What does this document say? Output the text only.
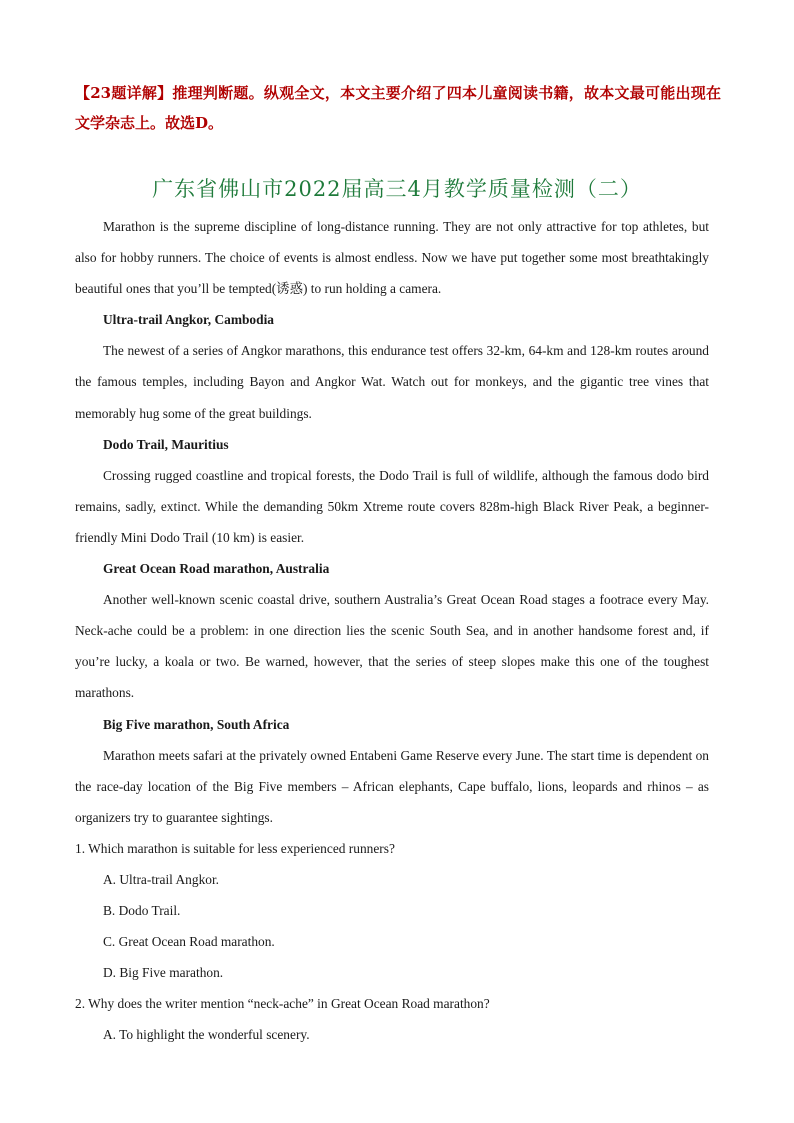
【23题详解】推理判断题。纵观全文，本文主要介绍了四本儿童阅读书籍，故本文最可能出现在文学杂志上。故选D。
广东省佛山市2022届高三4月教学质量检测（二）

Marathon is the supreme discipline of long-distance running. They are not only attractive for top athletes, but also for hobby runners. The choice of events is almost endless. Now we have put together some most breathtakingly beautiful ones that you’ll be tempted(诱惑) to run holding a camera.

Ultra-trail Angkor, Cambodia

The newest of a series of Angkor marathons, this endurance test offers 32-km, 64-km and 128-km routes around the famous temples, including Bayon and Angkor Wat. Watch out for monkeys, and the gigantic tree vines that memorably hug some of the great buildings.

Dodo Trail, Mauritius

Crossing rugged coastline and tropical forests, the Dodo Trail is full of wildlife, although the famous dodo bird remains, sadly, extinct. While the demanding 50km Xtreme route covers 828m-high Black River Peak, a beginner-friendly Mini Dodo Trail (10 km) is easier.

Great Ocean Road marathon, Australia

Another well-known scenic coastal drive, southern Australia’s Great Ocean Road stages a footrace every May. Neck-ache could be a problem: in one direction lies the scenic South Sea, and in another handsome forest and, if you’re lucky, a koala or two. Be warned, however, that the series of steep slopes make this one of the toughest marathons.

Big Five marathon, South Africa

Marathon meets safari at the privately owned Entabeni Game Reserve every June. The start time is dependent on the race-day location of the Big Five members – African elephants, Cape buffalo, lions, leopards and rhinos – as organizers try to guarantee sightings.

1. Which marathon is suitable for less experienced runners?

A. Ultra-trail Angkor.

B. Dodo Trail.

C. Great Ocean Road marathon.

D. Big Five marathon.

2. Why does the writer mention “neck-ache” in Great Ocean Road marathon?

A. To highlight the wonderful scenery.
